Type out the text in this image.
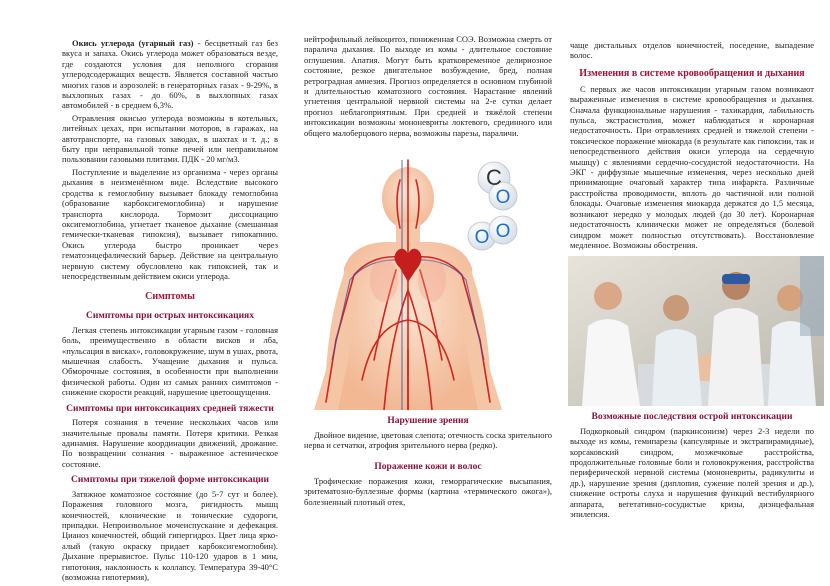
Окись углерода (угарный газ) - бесцветный газ без вкуса и запаха. Окись углерода может образоваться везде, где создаются условия для неполного сгорания углеродсодержащих веществ. Является составной частью многих газов и аэрозолей: в генераторных газах - 9-29%, в выхлопных газах - до 60%, в выхлопных газах автомобилей - в среднем 6,3%.

Отравления окисью углерода возможны в котельных, литейных цехах, при испытании моторов, в гаражах, на автотранспорте, на газовых заводах, в шахтах и т. д.; в быту при неправильной топке печей или неправильном пользовании газовыми плитами. ПДК - 20 мг/м3.

Поступление и выделение из организма - через органы дыхания в неизменённом виде. Вследствие высокого сродства к гемоглобину вызывает блокаду гемоглобина (образование карбоксигемоглобина) и нарушение транспорта кислорода. Тормозит диссоциацию оксигемоглобина, угнетает тканевое дыхание (смешанная гемически-тканевая гипоксия), вызывает гипокапнию. Окись углерода быстро проникает через гематоэнцефалический барьер. Действие на центральную нервную систему обусловлено как гипоксией, так и непосредственным действием окиси углерода.

Симптомы
Симптомы при острых интоксикациях

Легкая степень интоксикации угарным газом - головная боль, преимущественно в области висков и лба, «пульсация в висках», головокружение, шум в ушах, рвота, мышечная слабость. Учащение дыхания и пульса. Обморочные состояния, в особенности при выполнении физической работы. Один из самых ранних симптомов - снижение скорости реакций, нарушение цветоощущения.

Симптомы при интоксикациях средней тяжести

Потеря сознания в течение нескольких часов или значительные провалы памяти. Потеря критики. Резкая адинамия. Нарушение координации движений, дрожание. По возвращении сознания - выраженное астеническое состояние.

Симптомы при тяжелой форме интоксикации

Затяжное коматозное состояние (до 5-7 сут и более). Поражения головного мозга, ригидность мышц конечностей, клонические и тонические судороги, припадки. Непроизвольное мочеиспускание и дефекация. Цианоз конечностей, общий гипергидроз. Цвет лица ярко-алый (такую окраску придает карбоксигемоглобин). Дыхание прерывистое. Пульс 110-120 ударов в 1 мин, гипотония, наклонность к коллапсу. Температура 39-40°С (возможна гипотермия),

нейтрофильный лейкоцитоз, пониженная СОЭ. Возможна смерть от паралича дыхания. По выходе из комы - длительное состояние оглушения. Апатия. Могут быть кратковременное делириозное состояние, резкое двигательное возбуждение, бред, полная ретроградная амнезия. Прогноз определяется в основном глубиной и длительностью коматозного состояния. Нарастание явлений угнетения центральной нервной системы на 2-е сутки делает прогноз неблагоприятным. При средней и тяжёлой степени интоксикации возможны мононевриты локтевого, срединного или общего малоберцового нерва, возможны парезы, параличи.

C
O
O O
Нарушение зрения

Двойное видение, цветовая слепота; отечность соска зрительного нерва и сетчатки, атрофия зрительного нерва (редко).

Поражение кожи и волос

Трофические поражения кожи, геморрагические высыпания, эритематозно-буллезные формы (картина «термического ожога»), болезненный плотный отек,

чаще дистальных отделов конечностей, поседение, выпадение волос.

Изменения в системе кровообращения и дыхания

С первых же часов интоксикации угарным газом возникают выраженные изменения в системе кровообращения и дыхания. Сначала функциональные нарушения - тахикардия, лабильность пульса, экстрасистолия, может наблюдаться и коронарная недостаточность. При отравлениях средней и тяжелой степени - токсическое поражение миокарда (в результате как гипоксии, так и непосредственного действия окиси углерода на сердечную мышцу) с явлениями сердечно-сосудистой недостаточности. На ЭКГ - диффузные мышечные изменения, через несколько дней принимающие очаговый характер типа инфаркта. Различные расстройства проводимости, вплоть до частичной или полной блокады. Очаговые изменения миокарда держатся до 1,5 месяца, возникают нередко у молодых людей (до 30 лет). Коронарная недостаточность клинически может не определяться (болевой синдром может полностью отсутствовать). Восстановление медленное. Возможны обострения.

Возможные последствия острой интоксикации

Подкорковый синдром (паркинсонизм) через 2-3 недели по выходе из комы, гемипарезы (капсулярные и экстрапирамидные), корсаковский синдром, мозжечковые расстройства, продолжительные головные боли и головокружения, расстройства периферической нервной системы (мононевриты, радикулиты и др.), нарушение зрения (диплопия, сужение полей зрения и др.), снижение остроты слуха и нарушения функций вестибулярного аппарата, вегетативно-сосудистые кризы, диэнцефальная эпилепсия.
